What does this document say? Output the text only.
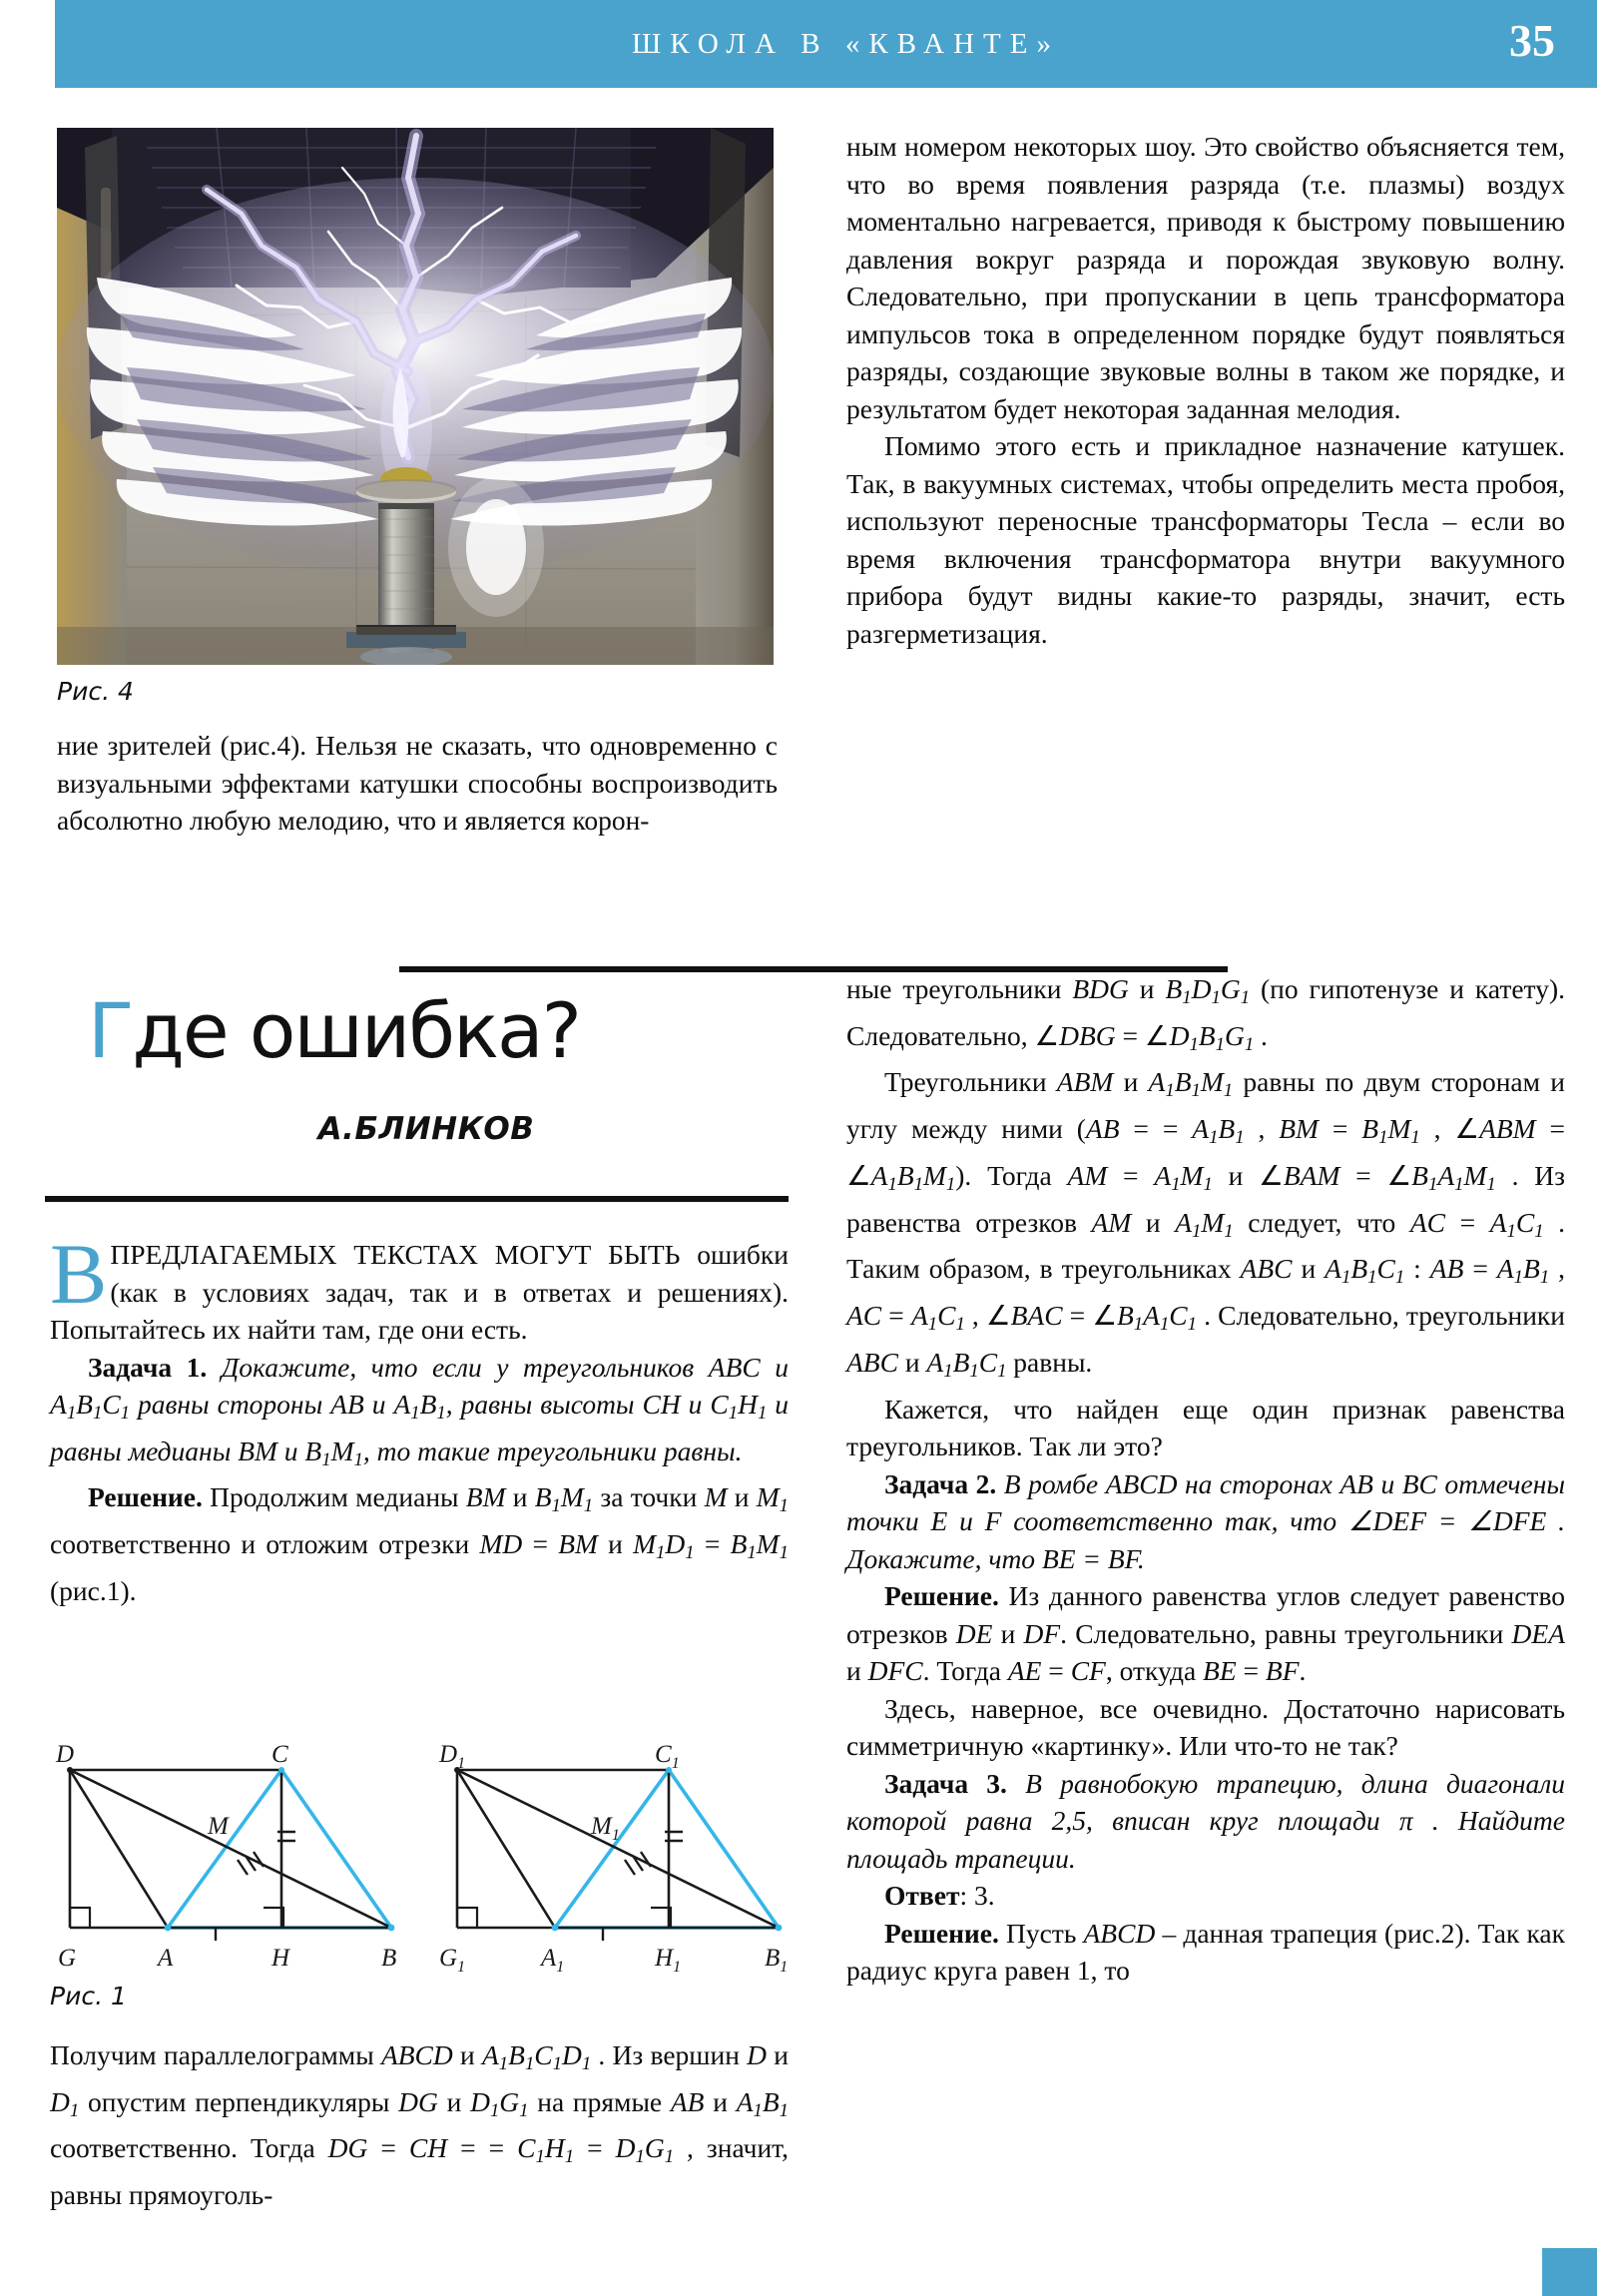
ШКОЛА В «КВАНТЕ»	35
Рис. 4

ние зрителей (рис.4). Нельзя не сказать, что одновременно с визуальными эффектами катушки способны воспроизводить абсолютно любую мелодию, что и является корон-

ным номером некоторых шоу. Это свойство объясняется тем, что во время появления разряда (т.е. плазмы) воздух моментально нагревается, приводя к быстрому повышению давления вокруг разряда и порождая звуковую волну. Следовательно, при пропускании в цепь трансформатора импульсов тока в определенном порядке будут появляться разряды, создающие звуковые волны в таком же порядке, и результатом будет некоторая заданная мелодия.

Помимо этого есть и прикладное назначение катушек. Так, в вакуумных системах, чтобы определить места пробоя, используют переносные трансформаторы Тесла – если во время включения трансформатора внутри вакуумного прибора будут видны какие-то разряды, значит, есть разгерметизация.

Где ошибка?
А.БЛИНКОВ

ВПРЕДЛАГАЕМЫХ ТЕКСТАХ МОГУТ БЫТЬ ошибки (как в условиях задач, так и в ответах и решениях). Попытайтесь их найти там, где они есть.

Задача 1. Докажите, что если у треугольников ABC и $A_1B_1C_1$ равны стороны AB и $A_1B_1$, равны высоты CH и $C_1H_1$ и равны медианы BM и $B_1M_1$, то такие треугольники равны.

Решение. Продолжим медианы BM и $B_1M_1$ за точки M и $M_1$ соответственно и отложим отрезки MD = BM и $M_1D_1 = B_1M_1$ (рис.1).

D	C
M
G	A	H	B
$D_1$	$C_1$
$M_1$
$G_1$	$A_1$	$H_1$	$B_1$
Рис. 1

Получим параллелограммы ABCD и $A_1B_1C_1D_1$ . Из вершин D и $D_1$ опустим перпендикуляры DG и $D_1G_1$ на прямые AB и $A_1B_1$ соответственно. Тогда DG = CH = = $C_1H_1 = D_1G_1$ , значит, равны прямоуголь-

ные треугольники BDG и $B_1D_1G_1$ (по гипотенузе и катету). Следовательно, ∠DBG = $\angle D_1B_1G_1$ .

Треугольники ABM и $A_1B_1M_1$ равны по двум сторонам и углу между ними (AB = = $A_1B_1$ , BM = $B_1M_1$ , ∠ABM = $\angle A_1B_1M_1$). Тогда AM = $A_1M_1$ и ∠BAM = $\angle B_1A_1M_1$ . Из равенства отрезков AM и $A_1M_1$ следует, что AC = $A_1C_1$ . Таким образом, в треугольниках ABC и $A_1B_1C_1$ : AB = $A_1B_1$ , AC = $A_1C_1$ , ∠BAC = $\angle B_1A_1C_1$ . Следовательно, треугольники ABC и $A_1B_1C_1$ равны.

Кажется, что найден еще один признак равенства треугольников. Так ли это?

Задача 2. В ромбе ABCD на сторонах AB и BC отмечены точки E и F соответственно так, что ∠DEF = ∠DFE . Докажите, что BE = BF.

Решение. Из данного равенства углов следует равенство отрезков DE и DF. Следовательно, равны треугольники DEA и DFC. Тогда AE = CF, откуда BE = BF.

Здесь, наверное, все очевидно. Достаточно нарисовать симметричную «картинку». Или что-то не так?

Задача 3. В равнобокую трапецию, длина диагонали которой равна 2,5, вписан круг площади π . Найдите площадь трапеции.

Ответ: 3.

Решение. Пусть ABCD – данная трапеция (рис.2). Так как радиус круга равен 1, то
